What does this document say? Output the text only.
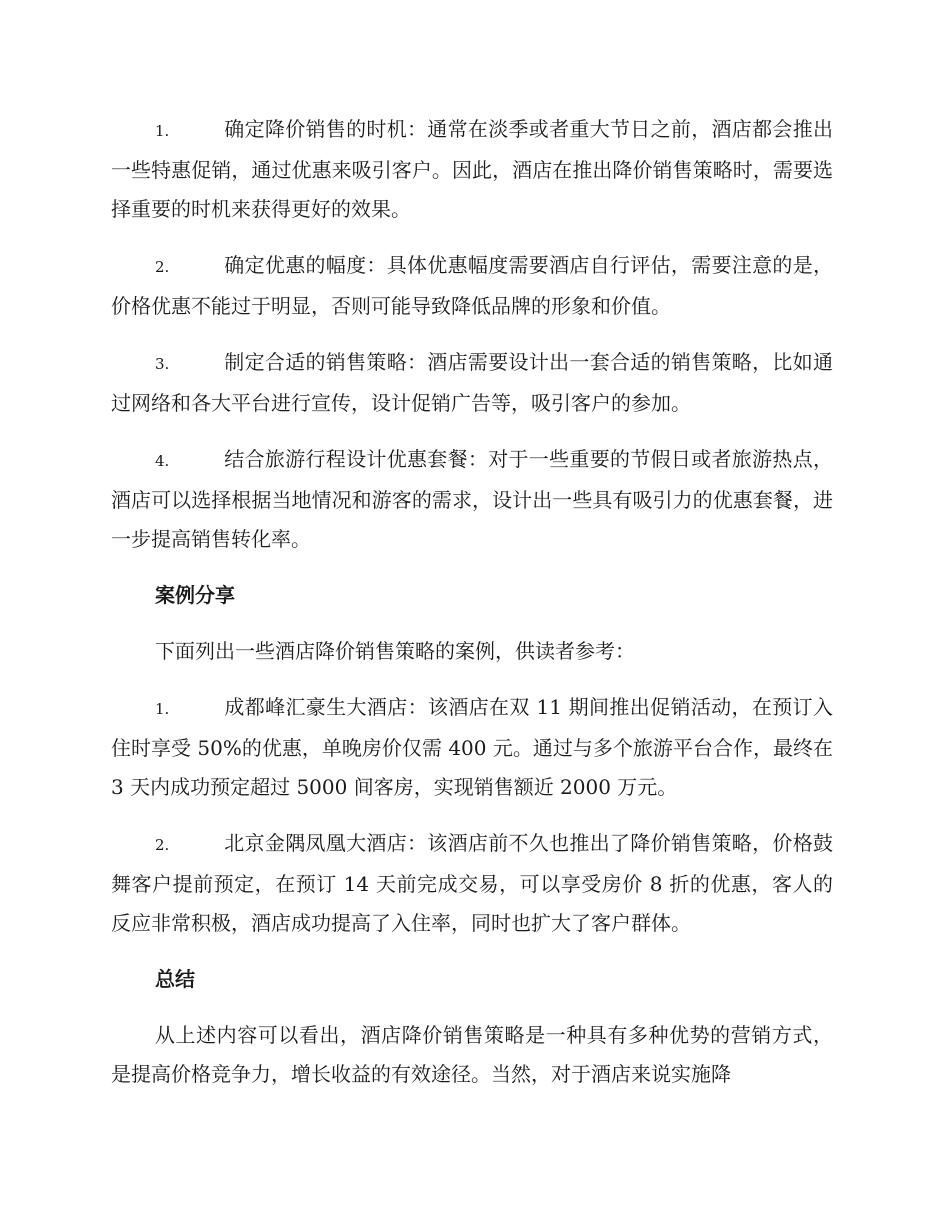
1.	确定降价销售的时机：通常在淡季或者重大节日之前，酒店都会推出一些特惠促销，通过优惠来吸引客户。因此，酒店在推出降价销售策略时，需要选择重要的时机来获得更好的效果。

2.	确定优惠的幅度：具体优惠幅度需要酒店自行评估，需要注意的是，价格优惠不能过于明显，否则可能导致降低品牌的形象和价值。

3.	制定合适的销售策略：酒店需要设计出一套合适的销售策略，比如通过网络和各大平台进行宣传，设计促销广告等，吸引客户的参加。

4.	结合旅游行程设计优惠套餐：对于一些重要的节假日或者旅游热点，酒店可以选择根据当地情况和游客的需求，设计出一些具有吸引力的优惠套餐，进一步提高销售转化率。

案例分享

下面列出一些酒店降价销售策略的案例，供读者参考：

1.	成都峰汇豪生大酒店：该酒店在双 11 期间推出促销活动，在预订入住时享受 50%的优惠，单晚房价仅需 400 元。通过与多个旅游平台合作，最终在 3 天内成功预定超过 5000 间客房，实现销售额近 2000 万元。

2.	北京金隅凤凰大酒店：该酒店前不久也推出了降价销售策略，价格鼓舞客户提前预定，在预订 14 天前完成交易，可以享受房价 8 折的优惠，客人的反应非常积极，酒店成功提高了入住率，同时也扩大了客户群体。

总结

从上述内容可以看出，酒店降价销售策略是一种具有多种优势的营销方式，是提高价格竞争力，增长收益的有效途径。当然，对于酒店来说实施降
